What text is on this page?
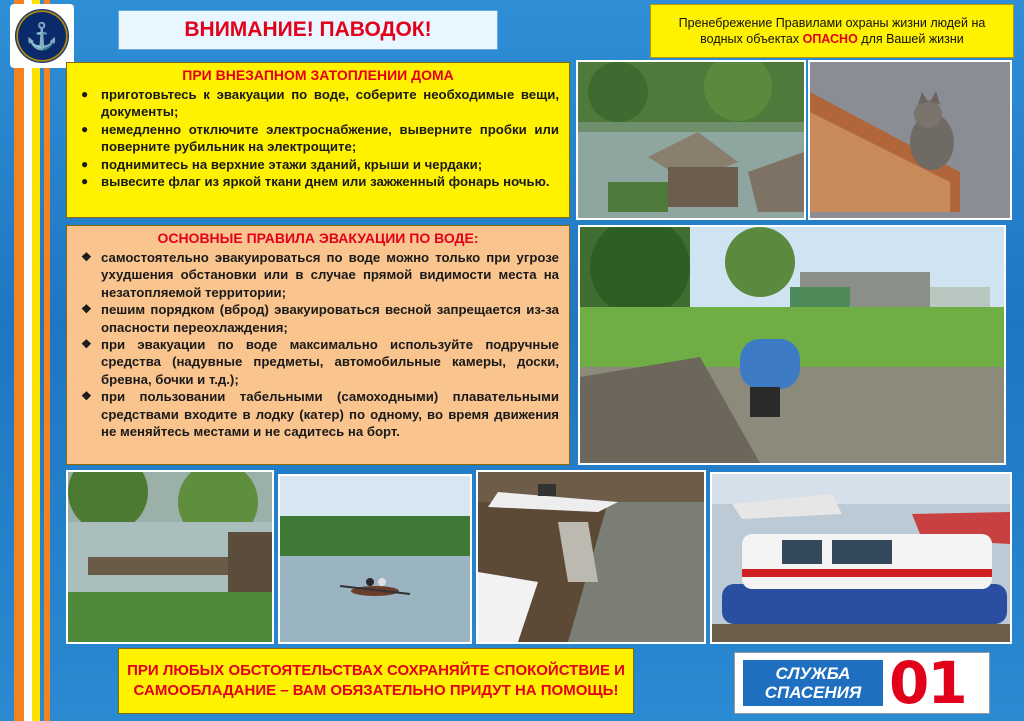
⚓	ВНИМАНИЕ! ПАВОДОК!	Пренебрежение Правилами охраны жизни людей на
водных объектах ОПАСНО для Вашей жизни
ПРИ ВНЕЗАПНОМ ЗАТОПЛЕНИИ ДОМА
● приготовьтесь к эвакуации по воде, соберите необходимые вещи, документы;
● немедленно отключите электроснабжение, выверните пробки или поверните рубильник на электрощите;
● поднимитесь на верхние этажи зданий, крыши и чердаки;
● вывесите флаг из яркой ткани днем или зажженный фонарь ночью.
ОСНОВНЫЕ ПРАВИЛА ЭВАКУАЦИИ ПО ВОДЕ:
❖ самостоятельно эвакуироваться по воде можно только при угрозе ухудшения обстановки или в случае прямой видимости места на незатопляемой территории;
❖ пешим порядком (вброд) эвакуироваться весной запрещается из-за опасности переохлаждения;
❖ при эвакуации по воде максимально используйте подручные средства (надувные предметы, автомобильные камеры, доски, бревна, бочки и т.д.);
❖ при пользовании табельными (самоходными) плавательными средствами входите в лодку (катер) по одному, во время движения не меняйтесь местами и не садитесь на борт.
ПРИ ЛЮБЫХ ОБСТОЯТЕЛЬСТВАХ СОХРАНЯЙТЕ СПОКОЙСТВИЕ И
САМООБЛАДАНИЕ – ВАМ ОБЯЗАТЕЛЬНО ПРИДУТ НА ПОМОЩЬ!
СЛУЖБА
СПАСЕНИЯ 01
